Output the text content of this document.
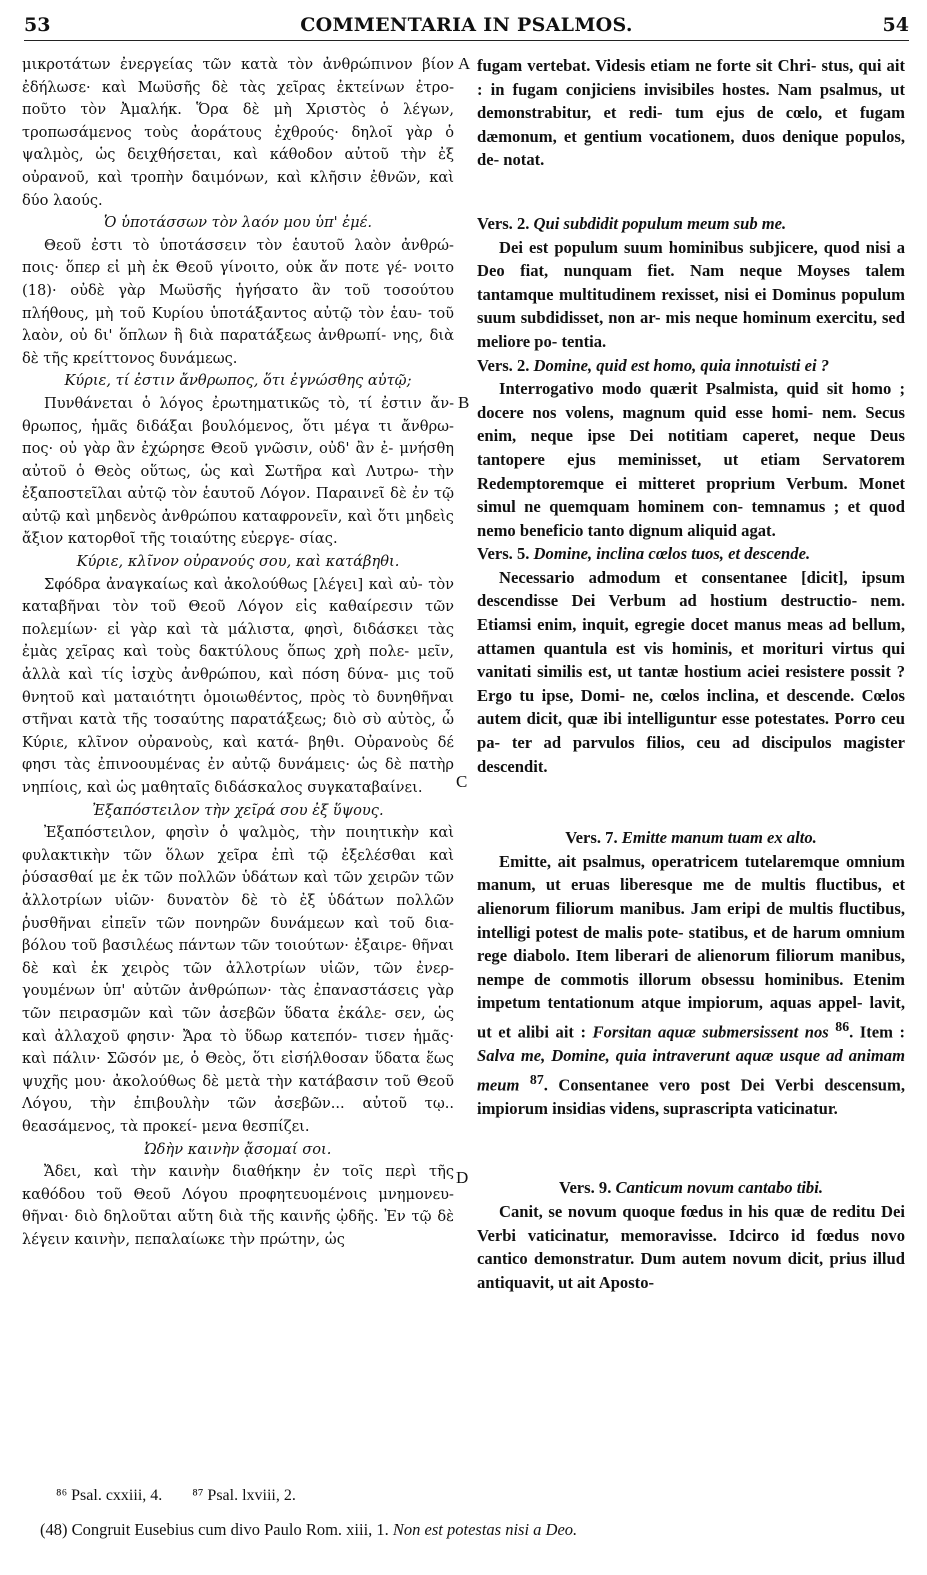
53	COMMENTARIA IN PSALMOS.	54

μικροτάτων ἐνεργείας τῶν κατὰ τὸν ἀνθρώπινον βίον ἐδήλωσε· καὶ Μωϋσῆς δὲ τὰς χεῖρας ἐκτείνων ἐτρο- ποῦτο τὸν Ἀμαλήκ. Ὅρα δὲ μὴ Χριστὸς ὁ λέγων, τροπωσάμενος τοὺς ἀοράτους ἐχθρούς· δηλοῖ γὰρ ὁ ψαλμὸς, ὡς δειχθήσεται, καὶ κάθοδον αὐτοῦ τὴν ἐξ οὐρανοῦ, καὶ τροπὴν δαιμόνων, καὶ κλῆσιν ἐθνῶν, καὶ δύο λαούς.

Ὁ ὑποτάσσων τὸν λαόν μου ὑπ' ἐμέ.

Θεοῦ ἐστι τὸ ὑποτάσσειν τὸν ἑαυτοῦ λαὸν ἀνθρώ- ποις· ὅπερ εἰ μὴ ἐκ Θεοῦ γίνοιτο, οὐκ ἄν ποτε γέ- νοιτο (18)· οὐδὲ γὰρ Μωϋσῆς ἡγήσατο ἂν τοῦ τοσούτου πλήθους, μὴ τοῦ Κυρίου ὑποτάξαντος αὐτῷ τὸν ἑαυ- τοῦ λαὸν, οὐ δι' ὅπλων ἢ διὰ παρατάξεως ἀνθρωπί- νης, διὰ δὲ τῆς κρείττονος δυνάμεως.

Κύριε, τί ἐστιν ἄνθρωπος, ὅτι ἐγνώσθης αὐτῷ;

Πυνθάνεται ὁ λόγος ἐρωτηματικῶς τὸ, τί ἐστιν ἄν- θρωπος, ἡμᾶς διδάξαι βουλόμενος, ὅτι μέγα τι ἄνθρω- πος· οὐ γὰρ ἂν ἐχώρησε Θεοῦ γνῶσιν, οὐδ' ἂν ἐ- μνήσθη αὐτοῦ ὁ Θεὸς οὕτως, ὡς καὶ Σωτῆρα καὶ Λυτρω- τὴν ἐξαποστεῖλαι αὐτῷ τὸν ἑαυτοῦ Λόγον. Παραινεῖ δὲ ἐν τῷ αὐτῷ καὶ μηδενὸς ἀνθρώπου καταφρονεῖν, καὶ ὅτι μηδεὶς ἄξιον κατορθοῖ τῆς τοιαύτης εὐεργε- σίας.

Κύριε, κλῖνον οὐρανούς σου, καὶ κατάβηθι.

Σφόδρα ἀναγκαίως καὶ ἀκολούθως [λέγει] καὶ αὐ- τὸν καταβῆναι τὸν τοῦ Θεοῦ Λόγον εἰς καθαίρεσιν τῶν πολεμίων· εἰ γὰρ καὶ τὰ μάλιστα, φησὶ, διδάσκει τὰς ἐμὰς χεῖρας καὶ τοὺς δακτύλους ὅπως χρὴ πολε- μεῖν, ἀλλὰ καὶ τίς ἰσχὺς ἀνθρώπου, καὶ πόση δύνα- μις τοῦ θνητοῦ καὶ ματαιότητι ὁμοιωθέντος, πρὸς τὸ δυνηθῆναι στῆναι κατὰ τῆς τοσαύτης παρατάξεως; διὸ σὺ αὐτὸς, ὦ Κύριε, κλῖνον οὐρανοὺς, καὶ κατά- βηθι. Οὐρανοὺς δέ φησι τὰς ἐπινοουμένας ἐν αὐτῷ δυνάμεις· ὡς δὲ πατὴρ νηπίοις, καὶ ὡς μαθηταῖς διδάσκαλος συγκαταβαίνει.

Ἐξαπόστειλον τὴν χεῖρά σου ἐξ ὕψους.

Ἐξαπόστειλον, φησὶν ὁ ψαλμὸς, τὴν ποιητικὴν καὶ φυλακτικὴν τῶν ὅλων χεῖρα ἐπὶ τῷ ἐξελέσθαι καὶ ῥύσασθαί με ἐκ τῶν πολλῶν ὑδάτων καὶ τῶν χειρῶν τῶν ἀλλοτρίων υἱῶν· δυνατὸν δὲ τὸ ἐξ ὑδάτων πολλῶν ῥυσθῆναι εἰπεῖν τῶν πονηρῶν δυνάμεων καὶ τοῦ δια- βόλου τοῦ βασιλέως πάντων τῶν τοιούτων· ἐξαιρε- θῆναι δὲ καὶ ἐκ χειρὸς τῶν ἀλλοτρίων υἱῶν, τῶν ἐνερ- γουμένων ὑπ' αὐτῶν ἀνθρώπων· τὰς ἐπαναστάσεις γὰρ τῶν πειρασμῶν καὶ τῶν ἀσεβῶν ὕδατα ἐκάλε- σεν, ὡς καὶ ἀλλαχοῦ φησιν· Ἄρα τὸ ὕδωρ κατεπόν- τισεν ἡμᾶς· καὶ πάλιν· Σῶσόν με, ὁ Θεὸς, ὅτι εἰσήλθοσαν ὕδατα ἕως ψυχῆς μου· ἀκολούθως δὲ μετὰ τὴν κατάβασιν τοῦ Θεοῦ Λόγου, τὴν ἐπιβουλὴν τῶν ἀσεβῶν... αὐτοῦ τῳ.. θεασάμενος, τὰ προκεί- μενα θεσπίζει.

Ὠδὴν καινὴν ᾄσομαί σοι.

Ἄδει, καὶ τὴν καινὴν διαθήκην ἐν τοῖς περὶ τῆς καθόδου τοῦ Θεοῦ Λόγου προφητευομένοις μνημονευ- θῆναι· διὸ δηλοῦται αὕτη διὰ τῆς καινῆς ᾠδῆς. Ἐν τῷ δὲ λέγειν καινὴν, πεπαλαίωκε τὴν πρώτην, ὡς

fugam vertebat. Videsis etiam ne forte sit Chri- stus, qui ait : in fugam conjiciens invisibiles hostes. Nam psalmus, ut demonstrabitur, et redi- tum ejus de cœlo, et fugam dæmonum, et gentium vocationem, duos denique populos, de- notat.

Vers. 2. Qui subdidit populum meum sub me.

Dei est populum suum hominibus subjicere, quod nisi a Deo fiat, nunquam fiet. Nam neque Moyses talem tantamque multitudinem rexisset, nisi ei Dominus populum suum subdidisset, non ar- mis neque hominum exercitu, sed meliore po- tentia.

Vers. 2. Domine, quid est homo, quia innotuisti ei ?

Interrogativo modo quærit Psalmista, quid sit homo ; docere nos volens, magnum quid esse homi- nem. Secus enim, neque ipse Dei notitiam caperet, neque Deus tantopere ejus meminisset, ut etiam Servatorem Redemptoremque ei mitteret proprium Verbum. Monet simul ne quemquam hominem con- temnamus ; et quod nemo beneficio tanto dignum aliquid agat.

Vers. 5. Domine, inclina cœlos tuos, et descende.

Necessario admodum et consentanee [dicit], ipsum descendisse Dei Verbum ad hostium destructio- nem. Etiamsi enim, inquit, egregie docet manus meas ad bellum, attamen quantula est vis hominis, et morituri virtus qui vanitati similis est, ut tantæ hostium aciei resistere possit ? Ergo tu ipse, Domi- ne, cœlos inclina, et descende. Cœlos autem dicit, quæ ibi intelliguntur esse potestates. Porro ceu pa- ter ad parvulos filios, ceu ad discipulos magister descendit.

Vers. 7. Emitte manum tuam ex alto.

Emitte, ait psalmus, operatricem tutelaremque omnium manum, ut eruas liberesque me de multis fluctibus, et alienorum filiorum manibus. Jam eripi de multis fluctibus, intelligi potest de malis pote- statibus, et de harum omnium rege diabolo. Item liberari de alienorum filiorum manibus, nempe de commotis illorum obsessu hominibus. Etenim impetum tentationum atque impiorum, aquas appel- lavit, ut et alibi ait : Forsitan aquæ submersissent nos $^{86}$. Item : Salva me, Domine, quia intraverunt aquæ usque ad animam meum $^{87}$. Consentanee vero post Dei Verbi descensum, impiorum insidias videns, suprascripta vaticinatur.

Vers. 9. Canticum novum cantabo tibi.

Canit, se novum quoque fœdus in his quæ de reditu Dei Verbi vaticinatur, memoravisse. Idcirco id fœdus novo cantico demonstratur. Dum autem novum dicit, prius illud antiquavit, ut ait Aposto-

A
B
C
D
⁸⁶ Psal. cxxiii, 4. ⁸⁷ Psal. lxviii, 2.
(48) Congruit Eusebius cum divo Paulo Rom. xiii, 1. Non est potestas nisi a Deo.
